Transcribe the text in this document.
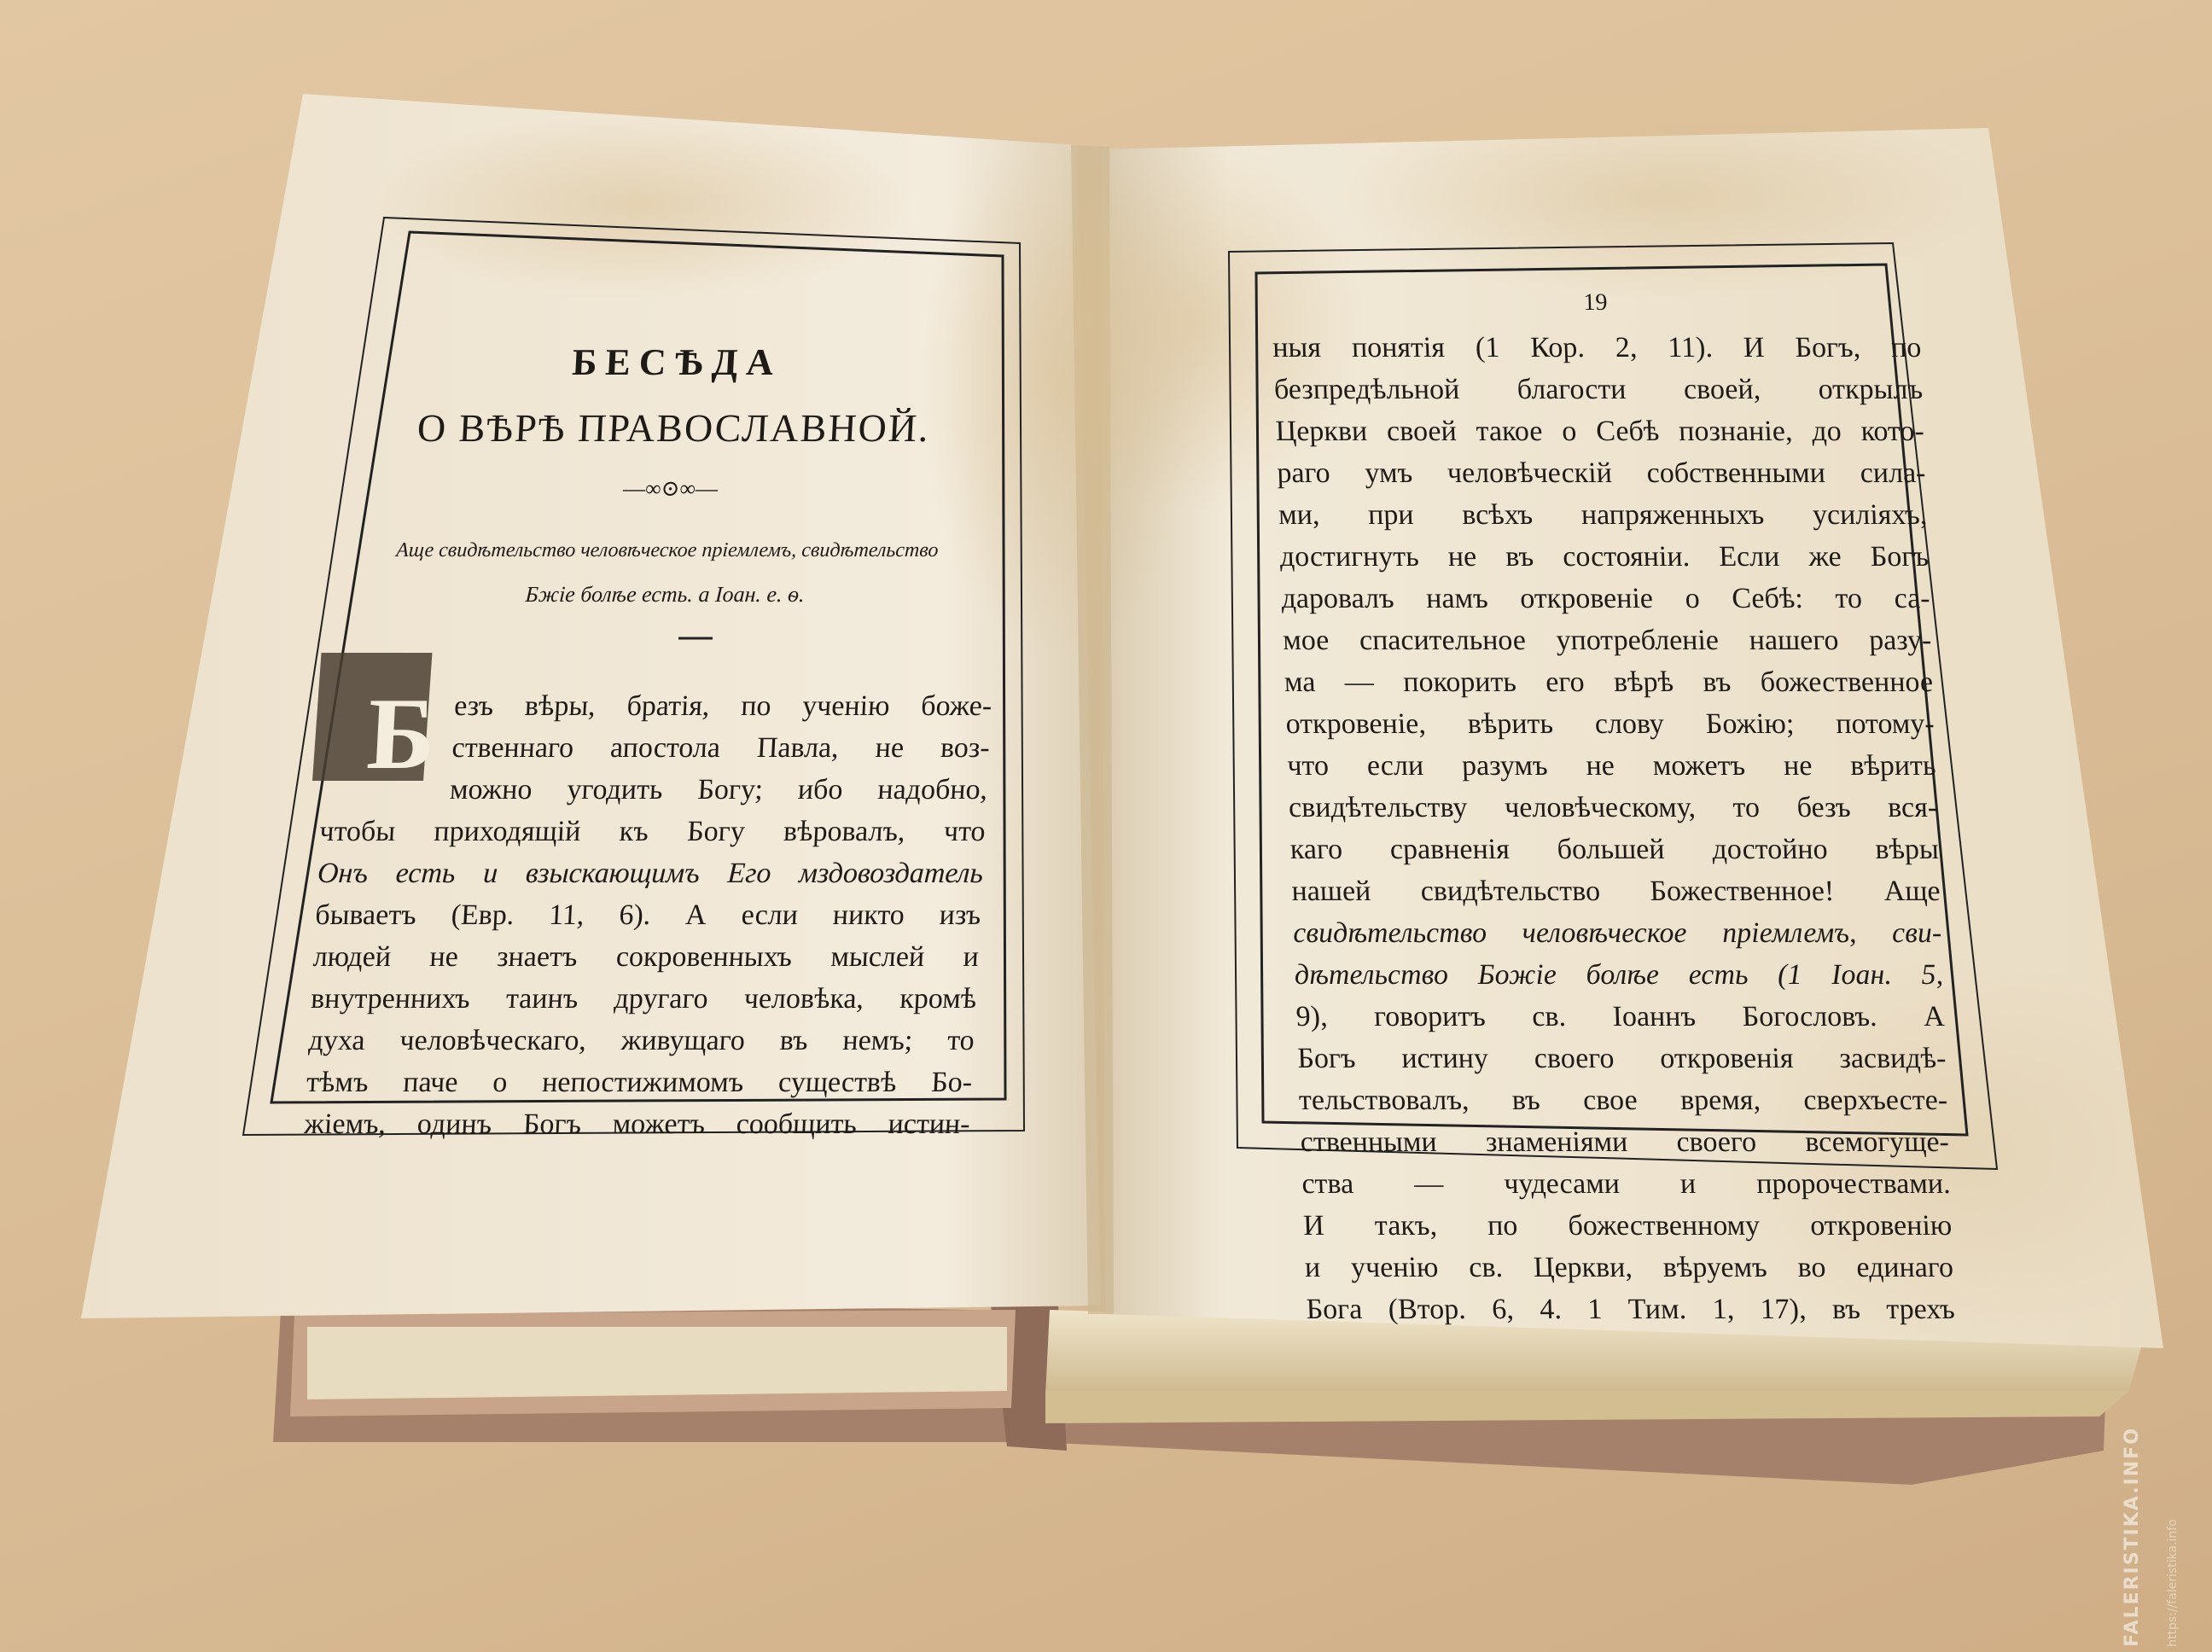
БЕСѢДА
О ВѢРѢ ПРАВОСЛАВНОЙ.
—∞⊙∞—
Аще свидѣтельство человѣческое пріемлемъ, свидѣтельство
Бжіе болѣе есть. а Іоан. е. ѳ.
Б езъ вѣры, братія, по ученію боже-
ственнаго апостола Павла, не воз-
можно угодить Богу; ибо надобно,
чтобы приходящій къ Богу вѣровалъ, что
Онъ есть и взыскающимъ Его мздовоздатель
бываетъ (Евр. 11, 6). А если никто изъ
людей не знаетъ сокровенныхъ мыслей и
внутреннихъ таинъ другаго человѣка, кромѣ
духа человѣческаго, живущаго въ немъ; то
тѣмъ паче о непостижимомъ существѣ Бо-
жіемъ, одинъ Богъ можетъ сообщить истин-
19
ныя понятія (1 Кор. 2, 11). И Богъ, по
безпредѣльной благости своей, открылъ
Церкви своей такое о Себѣ познаніе, до кото-
раго умъ человѣческій собственными сила-
ми, при всѣхъ напряженныхъ усиліяхъ,
достигнуть не въ состояніи. Если же Богъ
даровалъ намъ откровеніе о Себѣ: то са-
мое спасительное употребленіе нашего разу-
ма — покорить его вѣрѣ въ божественное
откровеніе, вѣрить слову Божію; потому-
что если разумъ не можетъ не вѣрить
свидѣтельству человѣческому, то безъ вся-
каго сравненія большей достойно вѣры
нашей свидѣтельство Божественное! Аще
свидѣтельство человѣческое пріемлемъ, сви-
дѣтельство Божіе болѣе есть (1 Іоан. 5,
9), говоритъ св. Іоаннъ Богословъ. А
Богъ истину своего откровенія засвидѣ-
тельствовалъ, въ свое время, сверхъесте-
ственными знаменіями своего всемогуще-
ства — чудесами и пророчествами.
И такъ, по божественному откровенію
и ученію св. Церкви, вѣруемъ во единаго
Бога (Втор. 6, 4. 1 Тим. 1, 17), въ трехъ
FALERISTIKA.INFO	https://faleristika.info
